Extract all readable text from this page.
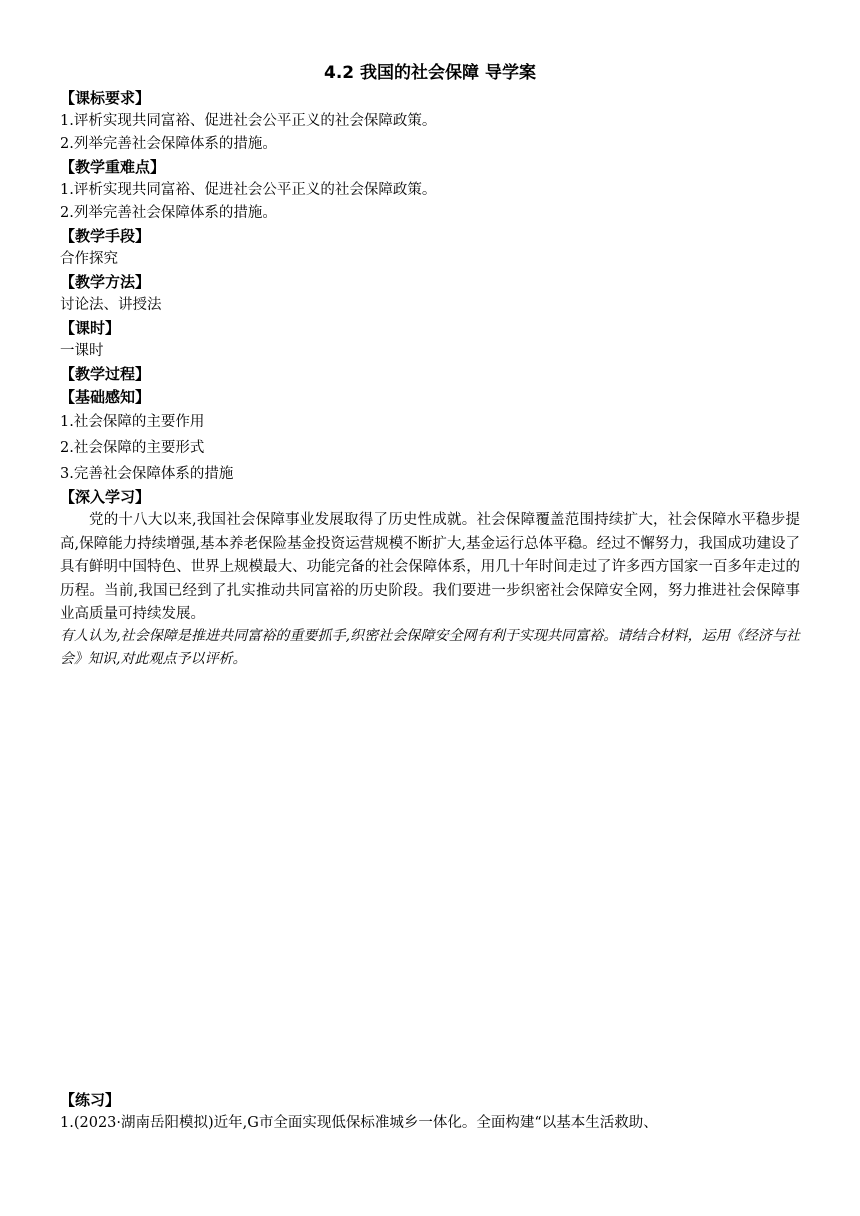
4.2 我国的社会保障 导学案
【课标要求】
1.评析实现共同富裕、促进社会公平正义的社会保障政策。
2.列举完善社会保障体系的措施。
【教学重难点】
1.评析实现共同富裕、促进社会公平正义的社会保障政策。
2.列举完善社会保障体系的措施。
【教学手段】
合作探究
【教学方法】
讨论法、讲授法
【课时】
一课时
【教学过程】
【基础感知】
1.社会保障的主要作用
2.社会保障的主要形式
3.完善社会保障体系的措施
【深入学习】
党的十八大以来,我国社会保障事业发展取得了历史性成就。社会保障覆盖范围持续扩大，社会保障水平稳步提高,保障能力持续增强,基本养老保险基金投资运营规模不断扩大,基金运行总体平稳。经过不懈努力，我国成功建设了具有鲜明中国特色、世界上规模最大、功能完备的社会保障体系，用几十年时间走过了许多西方国家一百多年走过的历程。当前,我国已经到了扎实推动共同富裕的历史阶段。我们要进一步织密社会保障安全网，努力推进社会保障事业高质量可持续发展。
有人认为,社会保障是推进共同富裕的重要抓手,织密社会保障安全网有利于实现共同富裕。请结合材料，运用《经济与社会》知识,对此观点予以评析。
【练习】
1.(2023·湖南岳阳模拟)近年,G市全面实现低保标准城乡一体化。全面构建“以基本生活救助、
